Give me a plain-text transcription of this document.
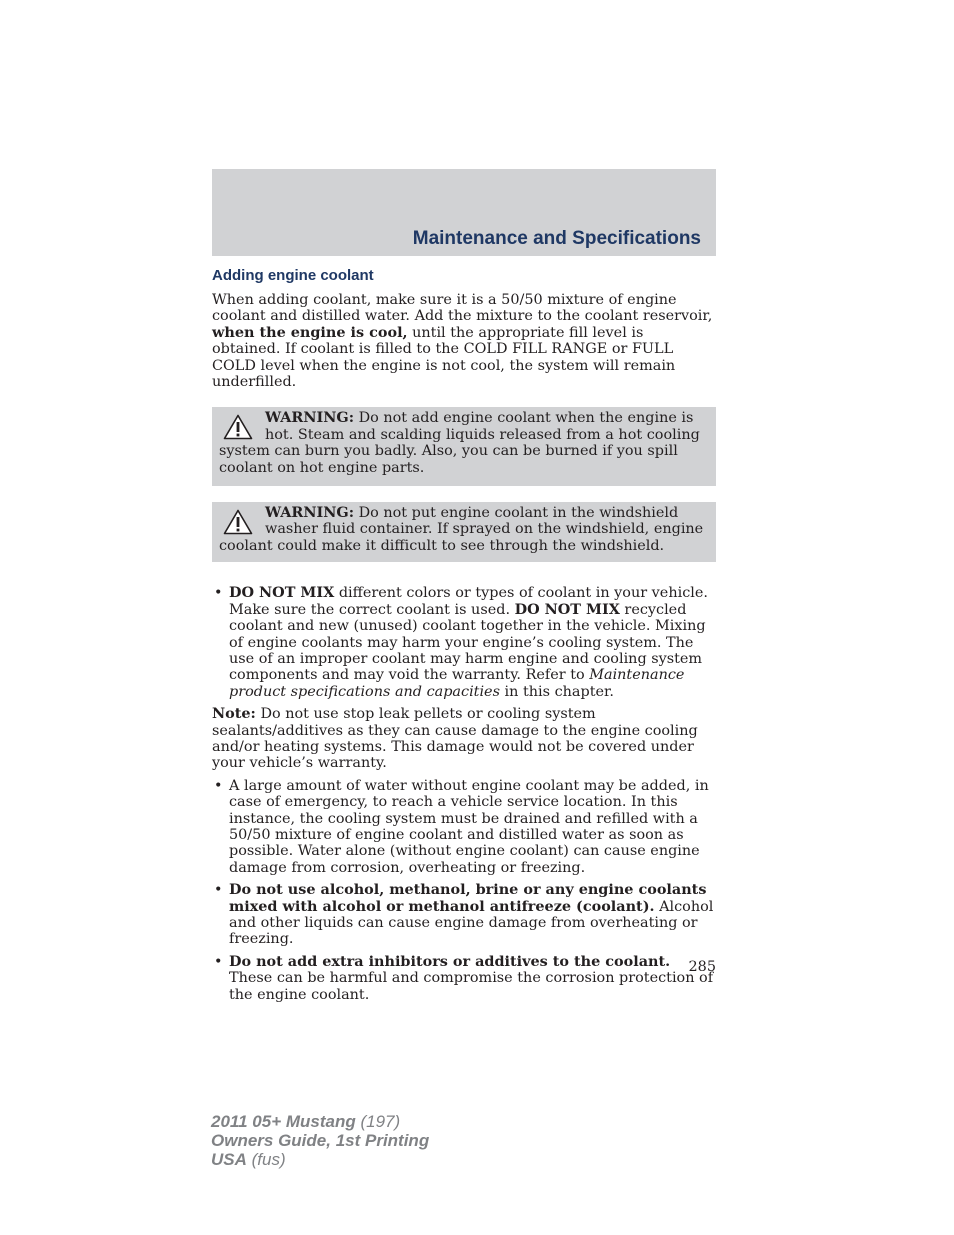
Maintenance and Specifications
Adding engine coolant

When adding coolant, make sure it is a 50/50 mixture of engine coolant and distilled water. Add the mixture to the coolant reservoir, when the engine is cool, until the appropriate fill level is obtained. If coolant is filled to the COLD FILL RANGE or FULL COLD level when the engine is not cool, the system will remain underfilled.

WARNING: Do not add engine coolant when the engine is hot. Steam and scalding liquids released from a hot cooling system can burn you badly. Also, you can be burned if you spill coolant on hot engine parts.
WARNING: Do not put engine coolant in the windshield washer fluid container. If sprayed on the windshield, engine coolant could make it difficult to see through the windshield.
• DO NOT MIX different colors or types of coolant in your vehicle. Make sure the correct coolant is used. DO NOT MIX recycled coolant and new (unused) coolant together in the vehicle. Mixing of engine coolants may harm your engine’s cooling system. The use of an improper coolant may harm engine and cooling system components and may void the warranty. Refer to Maintenance product specifications and capacities in this chapter.

Note: Do not use stop leak pellets or cooling system sealants/additives as they can cause damage to the engine cooling and/or heating systems. This damage would not be covered under your vehicle’s warranty.

• A large amount of water without engine coolant may be added, in case of emergency, to reach a vehicle service location. In this instance, the cooling system must be drained and refilled with a 50/50 mixture of engine coolant and distilled water as soon as possible. Water alone (without engine coolant) can cause engine damage from corrosion, overheating or freezing.
• Do not use alcohol, methanol, brine or any engine coolants mixed with alcohol or methanol antifreeze (coolant). Alcohol and other liquids can cause engine damage from overheating or freezing.
• Do not add extra inhibitors or additives to the coolant. These can be harmful and compromise the corrosion protection of the engine coolant.
285
2011 05+ Mustang (197)
Owners Guide, 1st Printing
USA (fus)
